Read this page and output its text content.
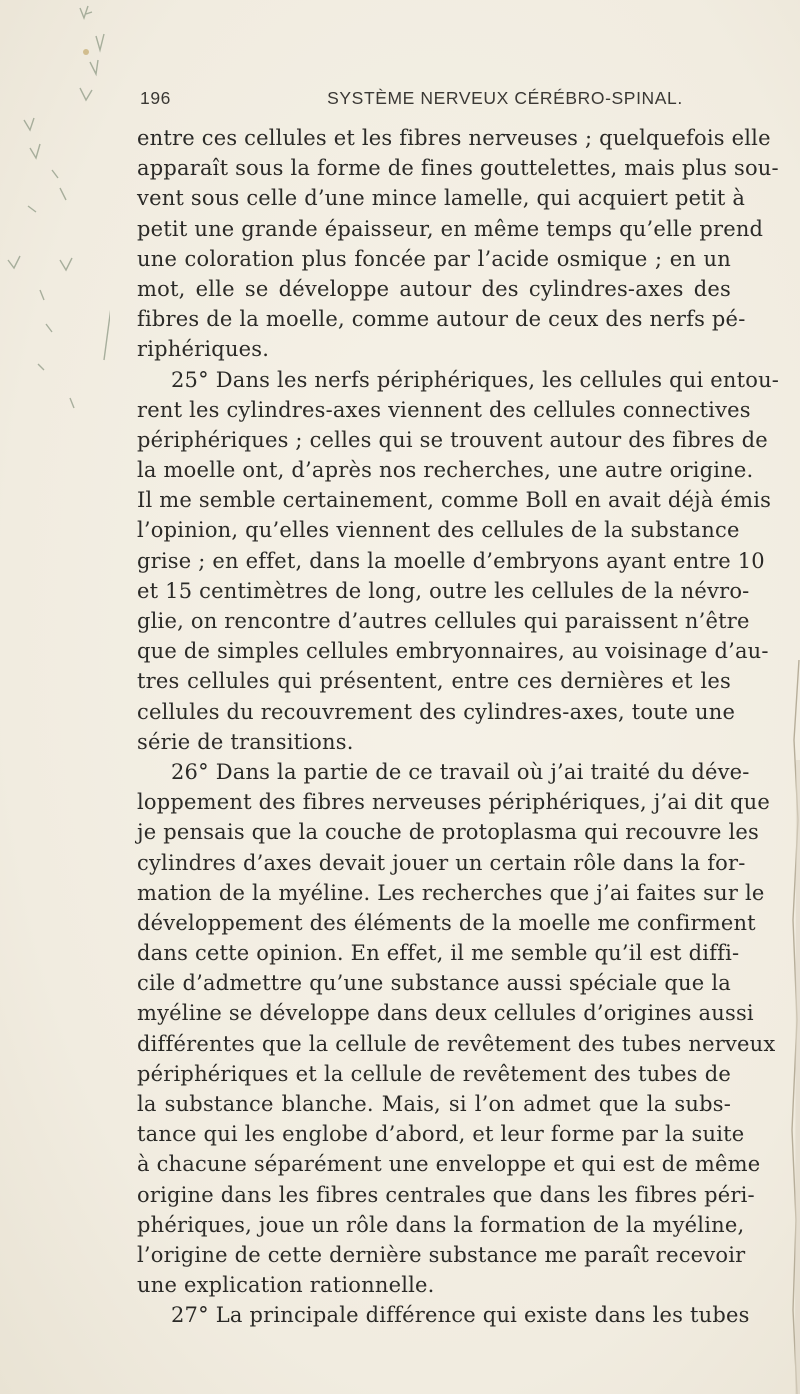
196	SYSTÈME NERVEUX CÉRÉBRO-SPINAL.
entre ces cellules et les fibres nerveuses ; quelquefois elle
apparaît sous la forme de fines gouttelettes, mais plus sou-
vent sous celle d’une mince lamelle, qui acquiert petit à
petit une grande épaisseur, en même temps qu’elle prend
une coloration plus foncée par l’acide osmique ; en un
mot, elle se développe autour des cylindres-axes des
fibres de la moelle, comme autour de ceux des nerfs pé-
riphériques.
25° Dans les nerfs périphériques, les cellules qui entou-
rent les cylindres-axes viennent des cellules connectives
périphériques ; celles qui se trouvent autour des fibres de
la moelle ont, d’après nos recherches, une autre origine.
Il me semble certainement, comme Boll en avait déjà émis
l’opinion, qu’elles viennent des cellules de la substance
grise ; en effet, dans la moelle d’embryons ayant entre 10
et 15 centimètres de long, outre les cellules de la névro-
glie, on rencontre d’autres cellules qui paraissent n’être
que de simples cellules embryonnaires, au voisinage d’au-
tres cellules qui présentent, entre ces dernières et les
cellules du recouvrement des cylindres-axes, toute une
série de transitions.
26° Dans la partie de ce travail où j’ai traité du déve-
loppement des fibres nerveuses périphériques, j’ai dit que
je pensais que la couche de protoplasma qui recouvre les
cylindres d’axes devait jouer un certain rôle dans la for-
mation de la myéline. Les recherches que j’ai faites sur le
développement des éléments de la moelle me confirment
dans cette opinion. En effet, il me semble qu’il est diffi-
cile d’admettre qu’une substance aussi spéciale que la
myéline se développe dans deux cellules d’origines aussi
différentes que la cellule de revêtement des tubes nerveux
périphériques et la cellule de revêtement des tubes de
la substance blanche. Mais, si l’on admet que la subs-
tance qui les englobe d’abord, et leur forme par la suite
à chacune séparément une enveloppe et qui est de même
origine dans les fibres centrales que dans les fibres péri-
phériques, joue un rôle dans la formation de la myéline,
l’origine de cette dernière substance me paraît recevoir
une explication rationnelle.
27° La principale différence qui existe dans les tubes
